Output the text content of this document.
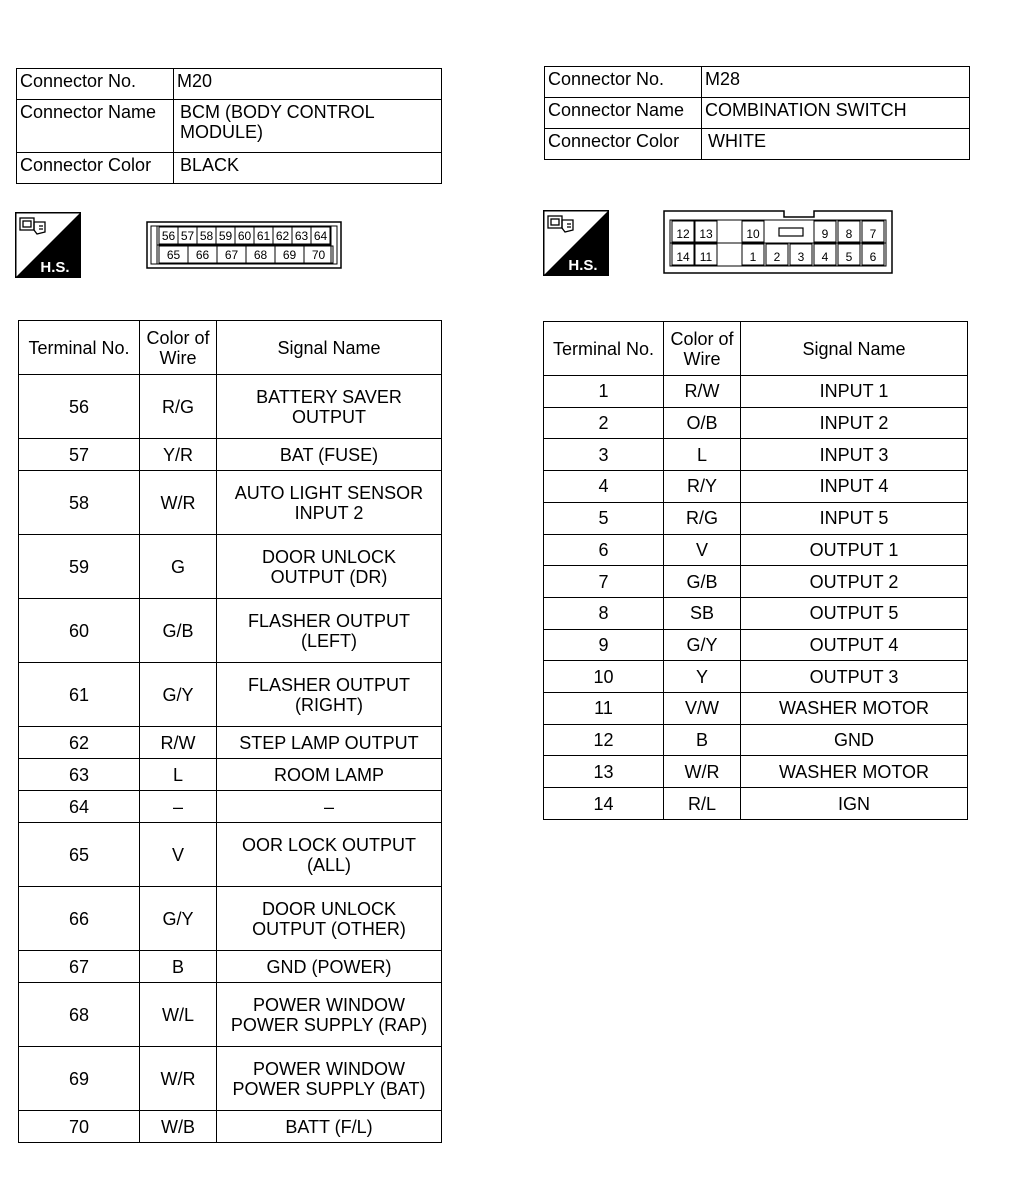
Connector No.	M20
Connector Name	BCM (BODY CONTROL MODULE)
Connector Color	BLACK
H.S.
56 57 58 59 60 61 62 63 64
65 66 67 68 69 70
Terminal No.	Color of Wire	Signal Name
56	R/G	BATTERY SAVER OUTPUT
57	Y/R	BAT (FUSE)
58	W/R	AUTO LIGHT SENSOR INPUT 2
59	G	DOOR UNLOCK OUTPUT (DR)
60	G/B	FLASHER OUTPUT (LEFT)
61	G/Y	FLASHER OUTPUT (RIGHT)
62	R/W	STEP LAMP OUTPUT
63	L	ROOM LAMP
64	–	–
65	V	OOR LOCK OUTPUT (ALL)
66	G/Y	DOOR UNLOCK OUTPUT (OTHER)
67	B	GND (POWER)
68	W/L	POWER WINDOW POWER SUPPLY (RAP)
69	W/R	POWER WINDOW POWER SUPPLY (BAT)
70	W/B	BATT (F/L)
Connector No.	M28
Connector Name	COMBINATION SWITCH
Connector Color	WHITE
H.S.
12 13	10	9 8 7
14 11	1 2 3 4 5 6
Terminal No.	Color of Wire	Signal Name
1	R/W	INPUT 1
2	O/B	INPUT 2
3	L	INPUT 3
4	R/Y	INPUT 4
5	R/G	INPUT 5
6	V	OUTPUT 1
7	G/B	OUTPUT 2
8	SB	OUTPUT 5
9	G/Y	OUTPUT 4
10	Y	OUTPUT 3
11	V/W	WASHER MOTOR
12	B	GND
13	W/R	WASHER MOTOR
14	R/L	IGN
